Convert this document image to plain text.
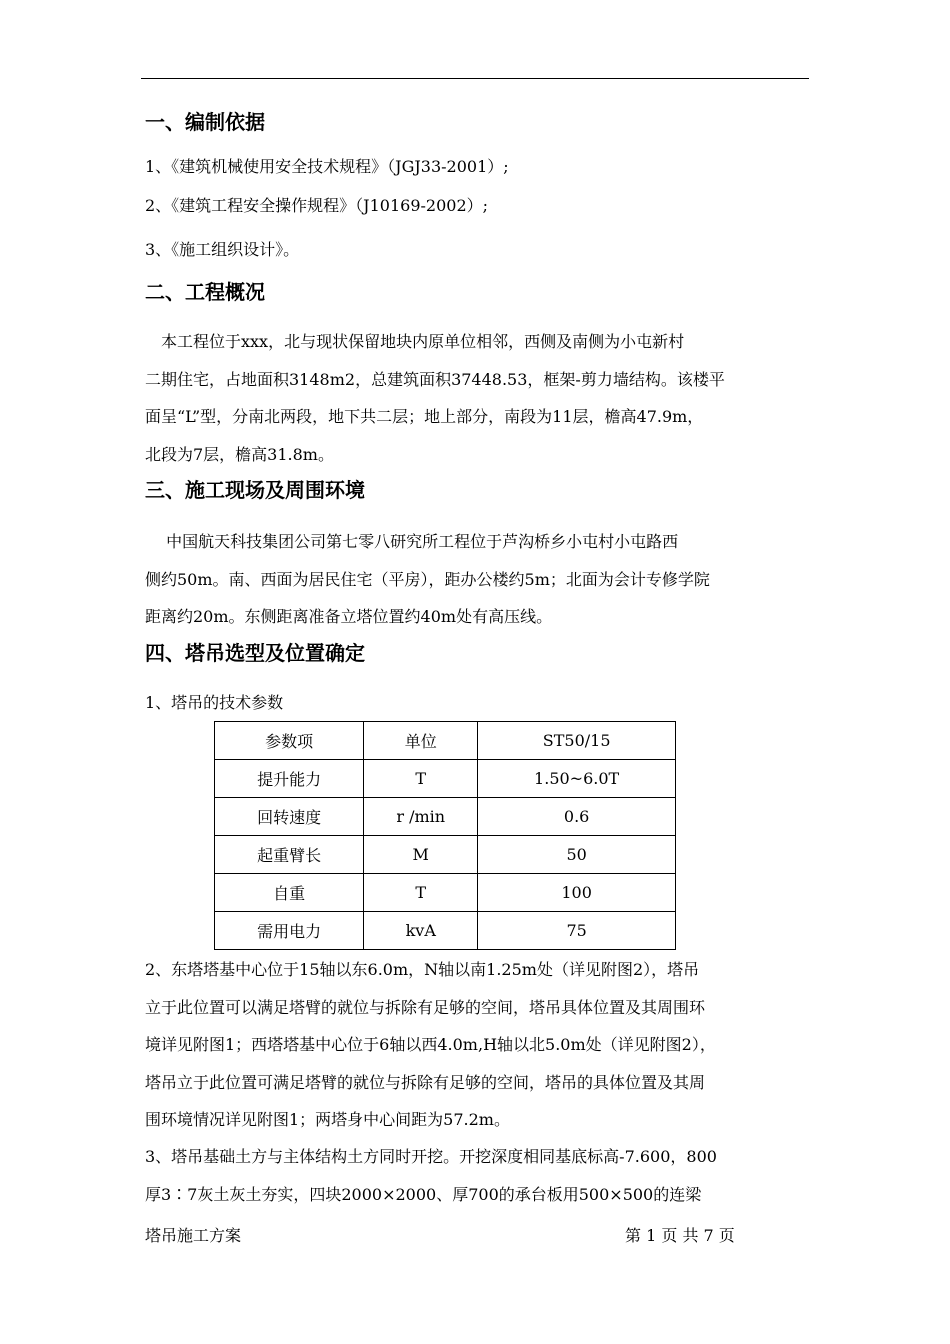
一、编制依据
1、《建筑机械使用安全技术规程》（JGJ33-2001）;
2、《建筑工程安全操作规程》（J10169-2002）;
3、《施工组织设计》。
二、工程概况

　本工程位于xxx，北与现状保留地块内原单位相邻，西侧及南侧为小屯新村
二期住宅，占地面积3148m2，总建筑面积37448.53，框架-剪力墙结构。该楼平
面呈“L”型，分南北两段，地下共二层；地上部分，南段为11层，檐高47.9m，
北段为7层，檐高31.8m。

三、施工现场及周围环境

　 中国航天科技集团公司第七零八研究所工程位于芦沟桥乡小屯村小屯路西
侧约50m。南、西面为居民住宅（平房），距办公楼约5m；北面为会计专修学院
距离约20m。东侧距离准备立塔位置约40m处有高压线。

四、塔吊选型及位置确定
1、塔吊的技术参数
参数项	单位	ST50/15
提升能力	T	1.50~6.0T
回转速度	r /min	0.6
起重臂长	M	50
自重	T	100
需用电力	kvA	75

2、东塔塔基中心位于15轴以东6.0m，N轴以南1.25m处（详见附图2），塔吊
立于此位置可以满足塔臂的就位与拆除有足够的空间，塔吊具体位置及其周围环
境详见附图1；西塔塔基中心位于6轴以西4.0m,H轴以北5.0m处（详见附图2），
塔吊立于此位置可满足塔臂的就位与拆除有足够的空间，塔吊的具体位置及其周
围环境情况详见附图1；两塔身中心间距为57.2m。

3、塔吊基础土方与主体结构土方同时开挖。开挖深度相同基底标高-7.600，800
厚3∶7灰土灰土夯实，四块2000×2000、厚700的承台板用500×500的连梁

塔吊施工方案	第 1 页 共 7 页
